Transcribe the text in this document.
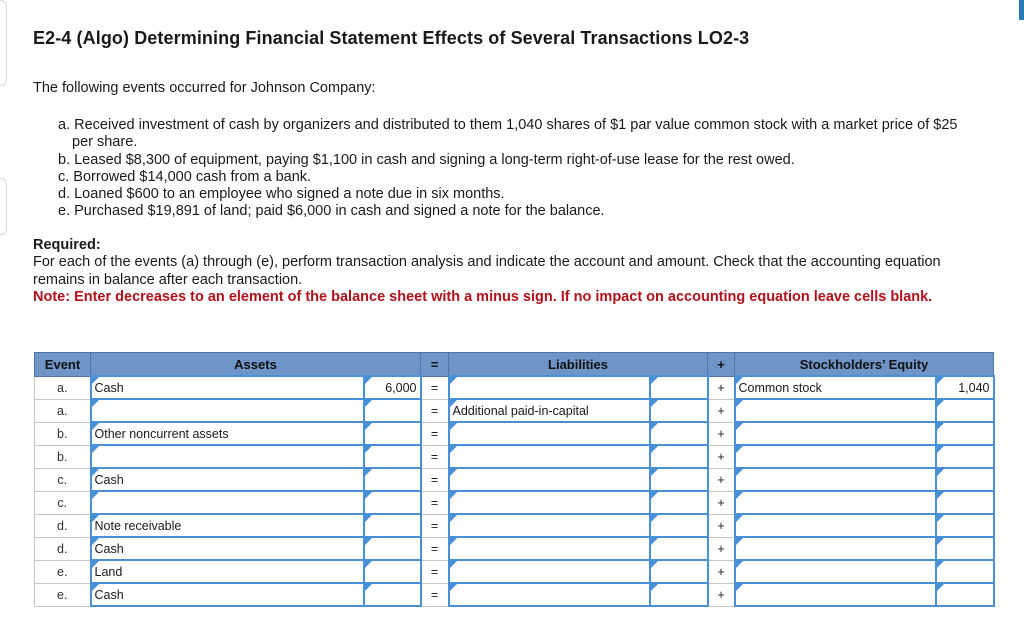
E2-4 (Algo) Determining Financial Statement Effects of Several Transactions LO2-3
The following events occurred for Johnson Company:
a. Received investment of cash by organizers and distributed to them 1,040 shares of $1 par value common stock with a market price of $25 per share.
b. Leased $8,300 of equipment, paying $1,100 in cash and signing a long-term right-of-use lease for the rest owed.
c. Borrowed $14,000 cash from a bank.
d. Loaned $600 to an employee who signed a note due in six months.
e. Purchased $19,891 of land; paid $6,000 in cash and signed a note for the balance.
Required:
For each of the events (a) through (e), perform transaction analysis and indicate the account and amount. Check that the accounting equation remains in balance after each transaction.
Note: Enter decreases to an element of the balance sheet with a minus sign. If no impact on accounting equation leave cells blank.
Event	Assets		=	Liabilities		+	Stockholders’ Equity	
a.	Cash	6,000	=			+	Common stock	1,040

a.			=	Additional paid-in-capital		+	

b.	Other noncurrent assets		=			+	

b.			=			+	

c.	Cash		=			+	

c.			=			+	

d.	Note receivable		=			+	

d.	Cash		=			+	

e.	Land		=			+	

e.	Cash		=			+	
